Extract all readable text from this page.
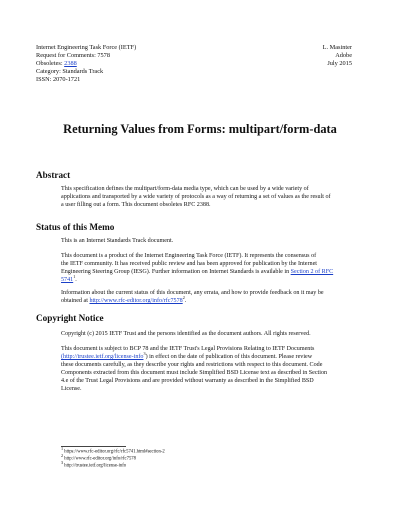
Internet Engineering Task Force (IETF)
Request for Comments: 7578
Obsoletes: 2388
Category: Standards Track
ISSN: 2070-1721
L. Masinter
Adobe
July 2015
Returning Values from Forms: multipart/form-data
Abstract
This specification defines the multipart/form-data media type, which can be used by a wide variety of
applications and transported by a wide variety of protocols as a way of returning a set of values as the result of
a user filling out a form. This document obsoletes RFC 2388.
Status of this Memo
This is an Internet Standards Track document.
This document is a product of the Internet Engineering Task Force (IETF). It represents the consensus of
the IETF community. It has received public review and has been approved for publication by the Internet
Engineering Steering Group (IESG). Further information on Internet Standards is available in Section 2 of RFC
5741$^1$.
Information about the current status of this document, any errata, and how to provide feedback on it may be
obtained at http://www.rfc-editor.org/info/rfc7578$^2$.
Copyright Notice
Copyright (c) 2015 IETF Trust and the persons identified as the document authors. All rights reserved.
This document is subject to BCP 78 and the IETF Trust's Legal Provisions Relating to IETF Documents
(http://trustee.ietf.org/license-info$^3$) in effect on the date of publication of this document. Please review
these documents carefully, as they describe your rights and restrictions with respect to this document. Code
Components extracted from this document must include Simplified BSD License text as described in Section
4.e of the Trust Legal Provisions and are provided without warranty as described in the Simplified BSD
License.
1 https://www.rfc-editor.org/rfc/rfc5741.html#section-2
2 http://www.rfc-editor.org/info/rfc7578
3 http://trustee.ietf.org/license-info
